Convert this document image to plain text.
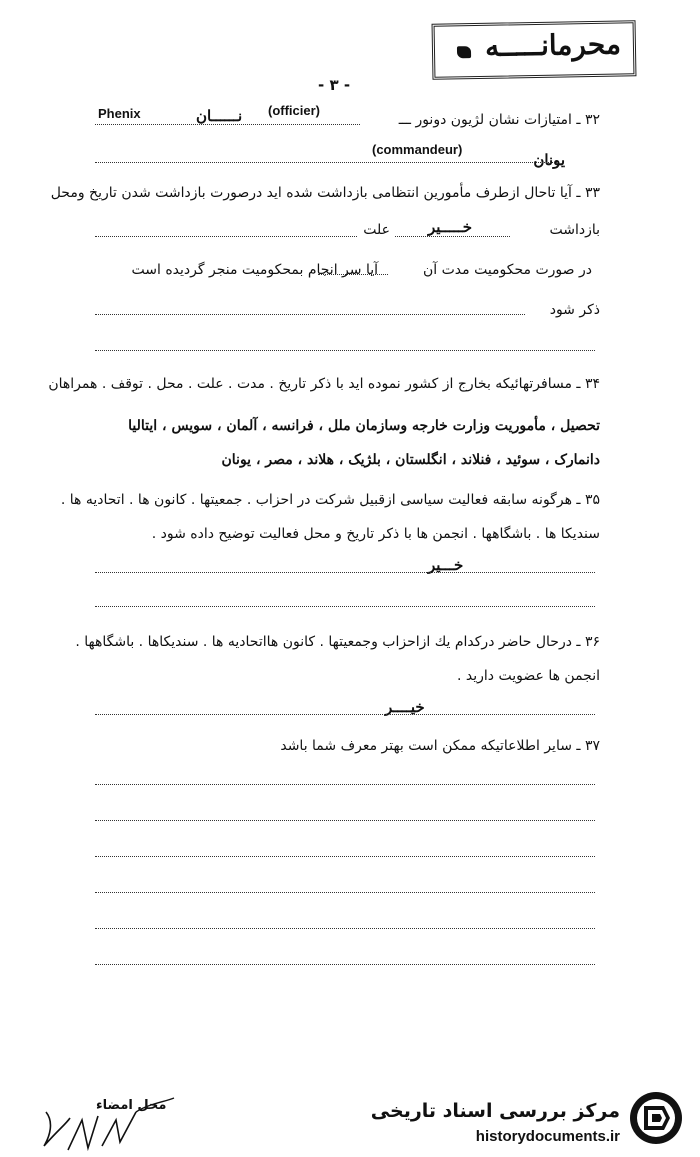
محرمانـــــه
- ۳ -
Phenix	(officier)
نــــــان	۳۲ ـ امتیازات نشان لژیون دونور ـــ
(commandeur)
یونان
۳۳ ـ آیا تاحال ازطرف مأمورین انتظامی بازداشت شده اید درصورت بازداشت شدن تاریخ ومحل
بازداشت
علت	خـــــیر
در صورت محکومیت مدت آن
آیا سر انجام بمحکومیت منجر گردیده است
ذکر شود
۳۴ ـ مسافرتهائیکه بخارج از کشور نموده اید با ذکر تاریخ . مدت . علت . محل . توقف . همراهان
تحصیل ، مأموریت وزارت خارجه وسازمان ملل ، فرانسه ، آلمان ، سویس ، ایتالیا
دانمارک ، سوئید ، فنلاند ، انگلستان ، بلژیک ، هلاند ، مصر ، یونان
۳۵ ـ هرگونه سابقه فعالیت سیاسی ازقبیل شرکت در احزاب . جمعیتها . کانون ها . اتحادیه ها .
سندیکا ها . باشگاهها . انجمن ها با ذکر تاریخ و محل فعالیت توضیح داده شود .
خـــیر
۳۶ ـ درحال حاضر درکدام یك ازاحزاب وجمعیتها . کانون هااتحادیه ها . سندیکاها . باشگاهها .
انجمن ها عضویت دارید .
خیــــر
۳۷ ـ سایر اطلاعاتیکه ممکن است بهتر معرف شما باشد
محل امضاء	مرکز بررسی اسناد تاریخی
historydocuments.ir
